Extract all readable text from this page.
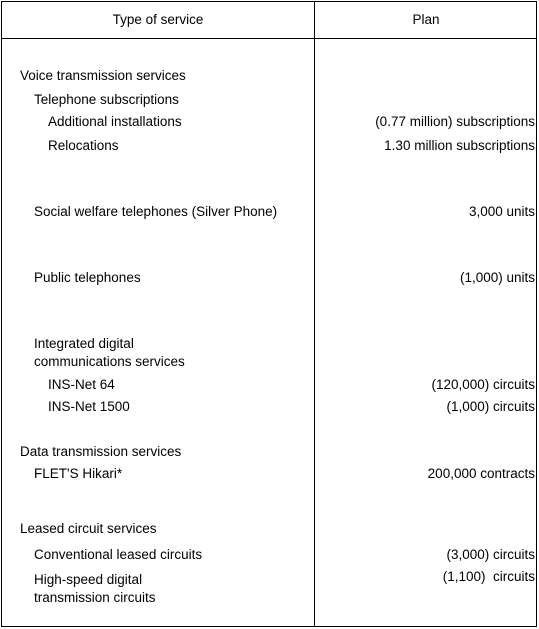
Type of service	Plan
Voice transmission services
Telephone subscriptions
Additional installations	(0.77 million) subscriptions
Relocations	1.30 million subscriptions
Social welfare telephones (Silver Phone)	3,000 units
Public telephones	(1,000) units
Integrated digital
communications services
INS-Net 64	(120,000) circuits
INS-Net 1500	(1,000) circuits
Data transmission services
FLET'S Hikari*	200,000 contracts
Leased circuit services
Conventional leased circuits	(3,000) circuits
High-speed digital	(1,100)  circuits
transmission circuits
